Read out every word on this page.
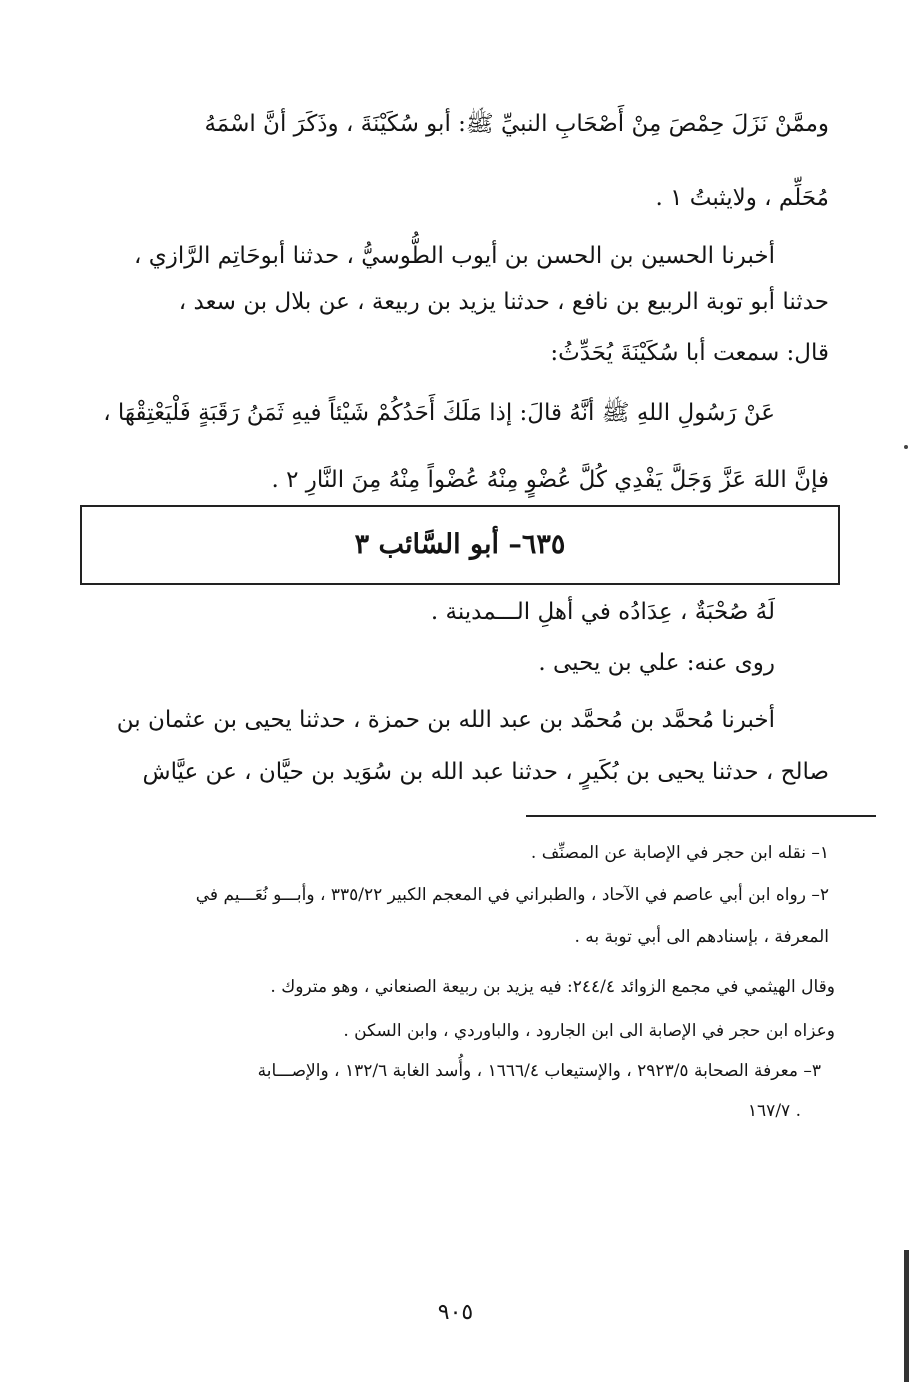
وممَّنْ نَزَلَ حِمْصَ مِنْ أَصْحَابِ النبيِّ ﷺ: أبو سُكَيْنَةَ ، وذَكَرَ أنَّ اسْمَهُ
مُحَلِّم ، ولايثبتُ ١ .
أخبرنا الحسين بن الحسن بن أيوب الطُّوسيُّ ، حدثنا أبوحَاتِم الرَّازي ،
حدثنا أبو توبة الربيع بن نافع ، حدثنا يزيد بن ربيعة ، عن بلال بن سعد ،
قال: سمعت أبا سُكَيْنَةَ يُحَدِّثُ:
عَنْ رَسُولِ اللهِ ﷺ أنَّهُ قالَ: إذا مَلَكَ أَحَدُكُمْ شَيْئاً فيهِ ثَمَنُ رَقَبَةٍ فَلْيَعْتِقْهَا ،
فإنَّ اللهَ عَزَّ وَجَلَّ يَفْدِي كُلَّ عُضْوٍ مِنْهُ عُضْواً مِنْهُ مِنَ النَّارِ ٢ .
٦٣٥– أبو السَّائب ٣
لَهُ صُحْبَةٌ ، عِدَادُه في أهلِ الـــمدينة .
روى عنه: علي بن يحيى .
أخبرنا مُحمَّد بن مُحمَّد بن عبد الله بن حمزة ، حدثنا يحيى بن عثمان بن
صالح ، حدثنا يحيى بن بُكَيرٍ ، حدثنا عبد الله بن سُوَيد بن حيَّان ، عن عيَّاش
١– نقله ابن حجر في الإصابة عن المصنِّف .
٢– رواه ابن أبي عاصم في الآحاد ، والطبراني في المعجم الكبير ٣٣٥/٢٢ ، وأبـــو نُعَـــيم في
المعرفة ، بإسنادهم الى أبي توبة به .
وقال الهيثمي في مجمع الزوائد ٢٤٤/٤: فيه يزيد بن ربيعة الصنعاني ، وهو متروك .
وعزاه ابن حجر في الإصابة الى ابن الجارود ، والباوردي ، وابن السكن .
٣– معرفة الصحابة ٢٩٢٣/٥ ، والإستيعاب ١٦٦٦/٤ ، وأُسد الغابة ١٣٢/٦ ، والإصـــابة
. ١٦٧/٧
٩٠٥
